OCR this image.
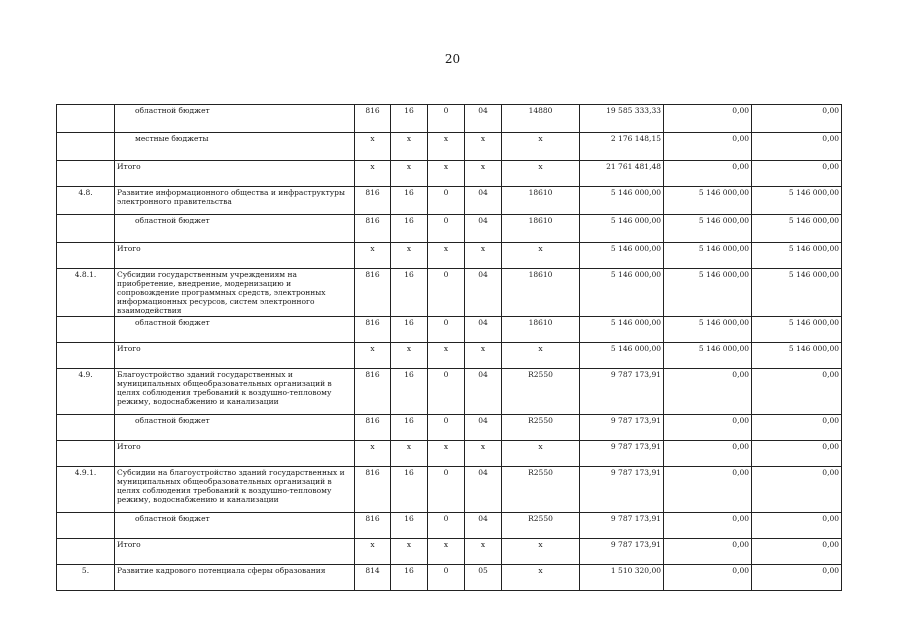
20
	областной бюджет	816	16	0	04	14880	19 585 333,33	0,00	0,00
	местные бюджеты	x	x	x	x	x	2 176 148,15	0,00	0,00
	Итого	x	x	x	x	x	21 761 481,48	0,00	0,00
4.8.	Развитие информационного общества и инфраструктуры электронного правительства	816	16	0	04	18610	5 146 000,00	5 146 000,00	5 146 000,00
	областной бюджет	816	16	0	04	18610	5 146 000,00	5 146 000,00	5 146 000,00
	Итого	x	x	x	x	x	5 146 000,00	5 146 000,00	5 146 000,00
4.8.1.	Субсидии государственным учреждениям на приобретение, внедрение, модернизацию и сопровождение программных средств, электронных информационных ресурсов, систем электронного взаимодействия	816	16	0	04	18610	5 146 000,00	5 146 000,00	5 146 000,00
	областной бюджет	816	16	0	04	18610	5 146 000,00	5 146 000,00	5 146 000,00
	Итого	x	x	x	x	x	5 146 000,00	5 146 000,00	5 146 000,00
4.9.	Благоустройство зданий государственных и муниципальных общеобразовательных организаций в целях соблюдения требований к воздушно-тепловому режиму, водоснабжению и канализации	816	16	0	04	R2550	9 787 173,91	0,00	0,00
	областной бюджет	816	16	0	04	R2550	9 787 173,91	0,00	0,00
	Итого	x	x	x	x	x	9 787 173,91	0,00	0,00
4.9.1.	Субсидии на благоустройство зданий государственных и муниципальных общеобразовательных организаций в целях соблюдения требований к воздушно-тепловому режиму, водоснабжению и канализации	816	16	0	04	R2550	9 787 173,91	0,00	0,00
	областной бюджет	816	16	0	04	R2550	9 787 173,91	0,00	0,00
	Итого	x	x	x	x	x	9 787 173,91	0,00	0,00
5.	Развитие кадрового потенциала сферы образования	814	16	0	05	x	1 510 320,00	0,00	0,00
